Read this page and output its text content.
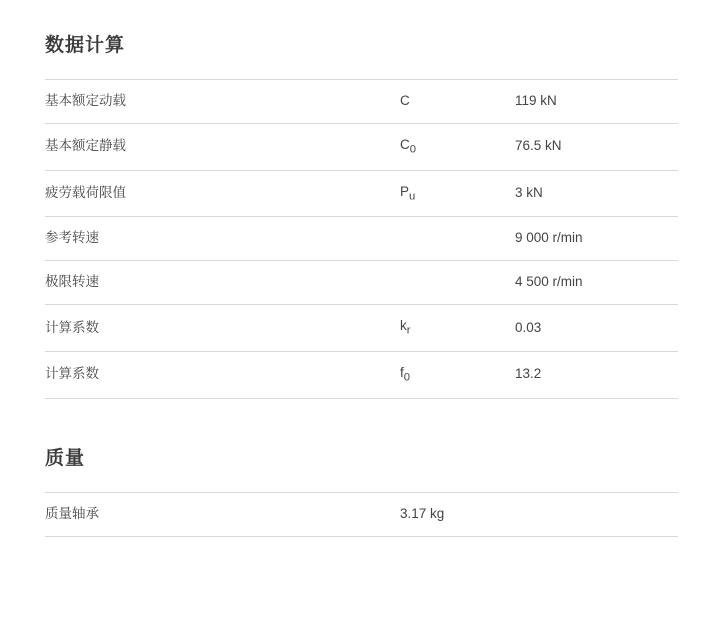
数据计算
基本额定动载	C	119 kN
基本额定静载	$C_0$	76.5 kN
疲劳载荷限值	$P_u$	3 kN
参考转速		9 000 r/min
极限转速		4 500 r/min
计算系数	$k_r$	0.03
计算系数	$f_0$	13.2
质量
质量轴承	3.17 kg	
